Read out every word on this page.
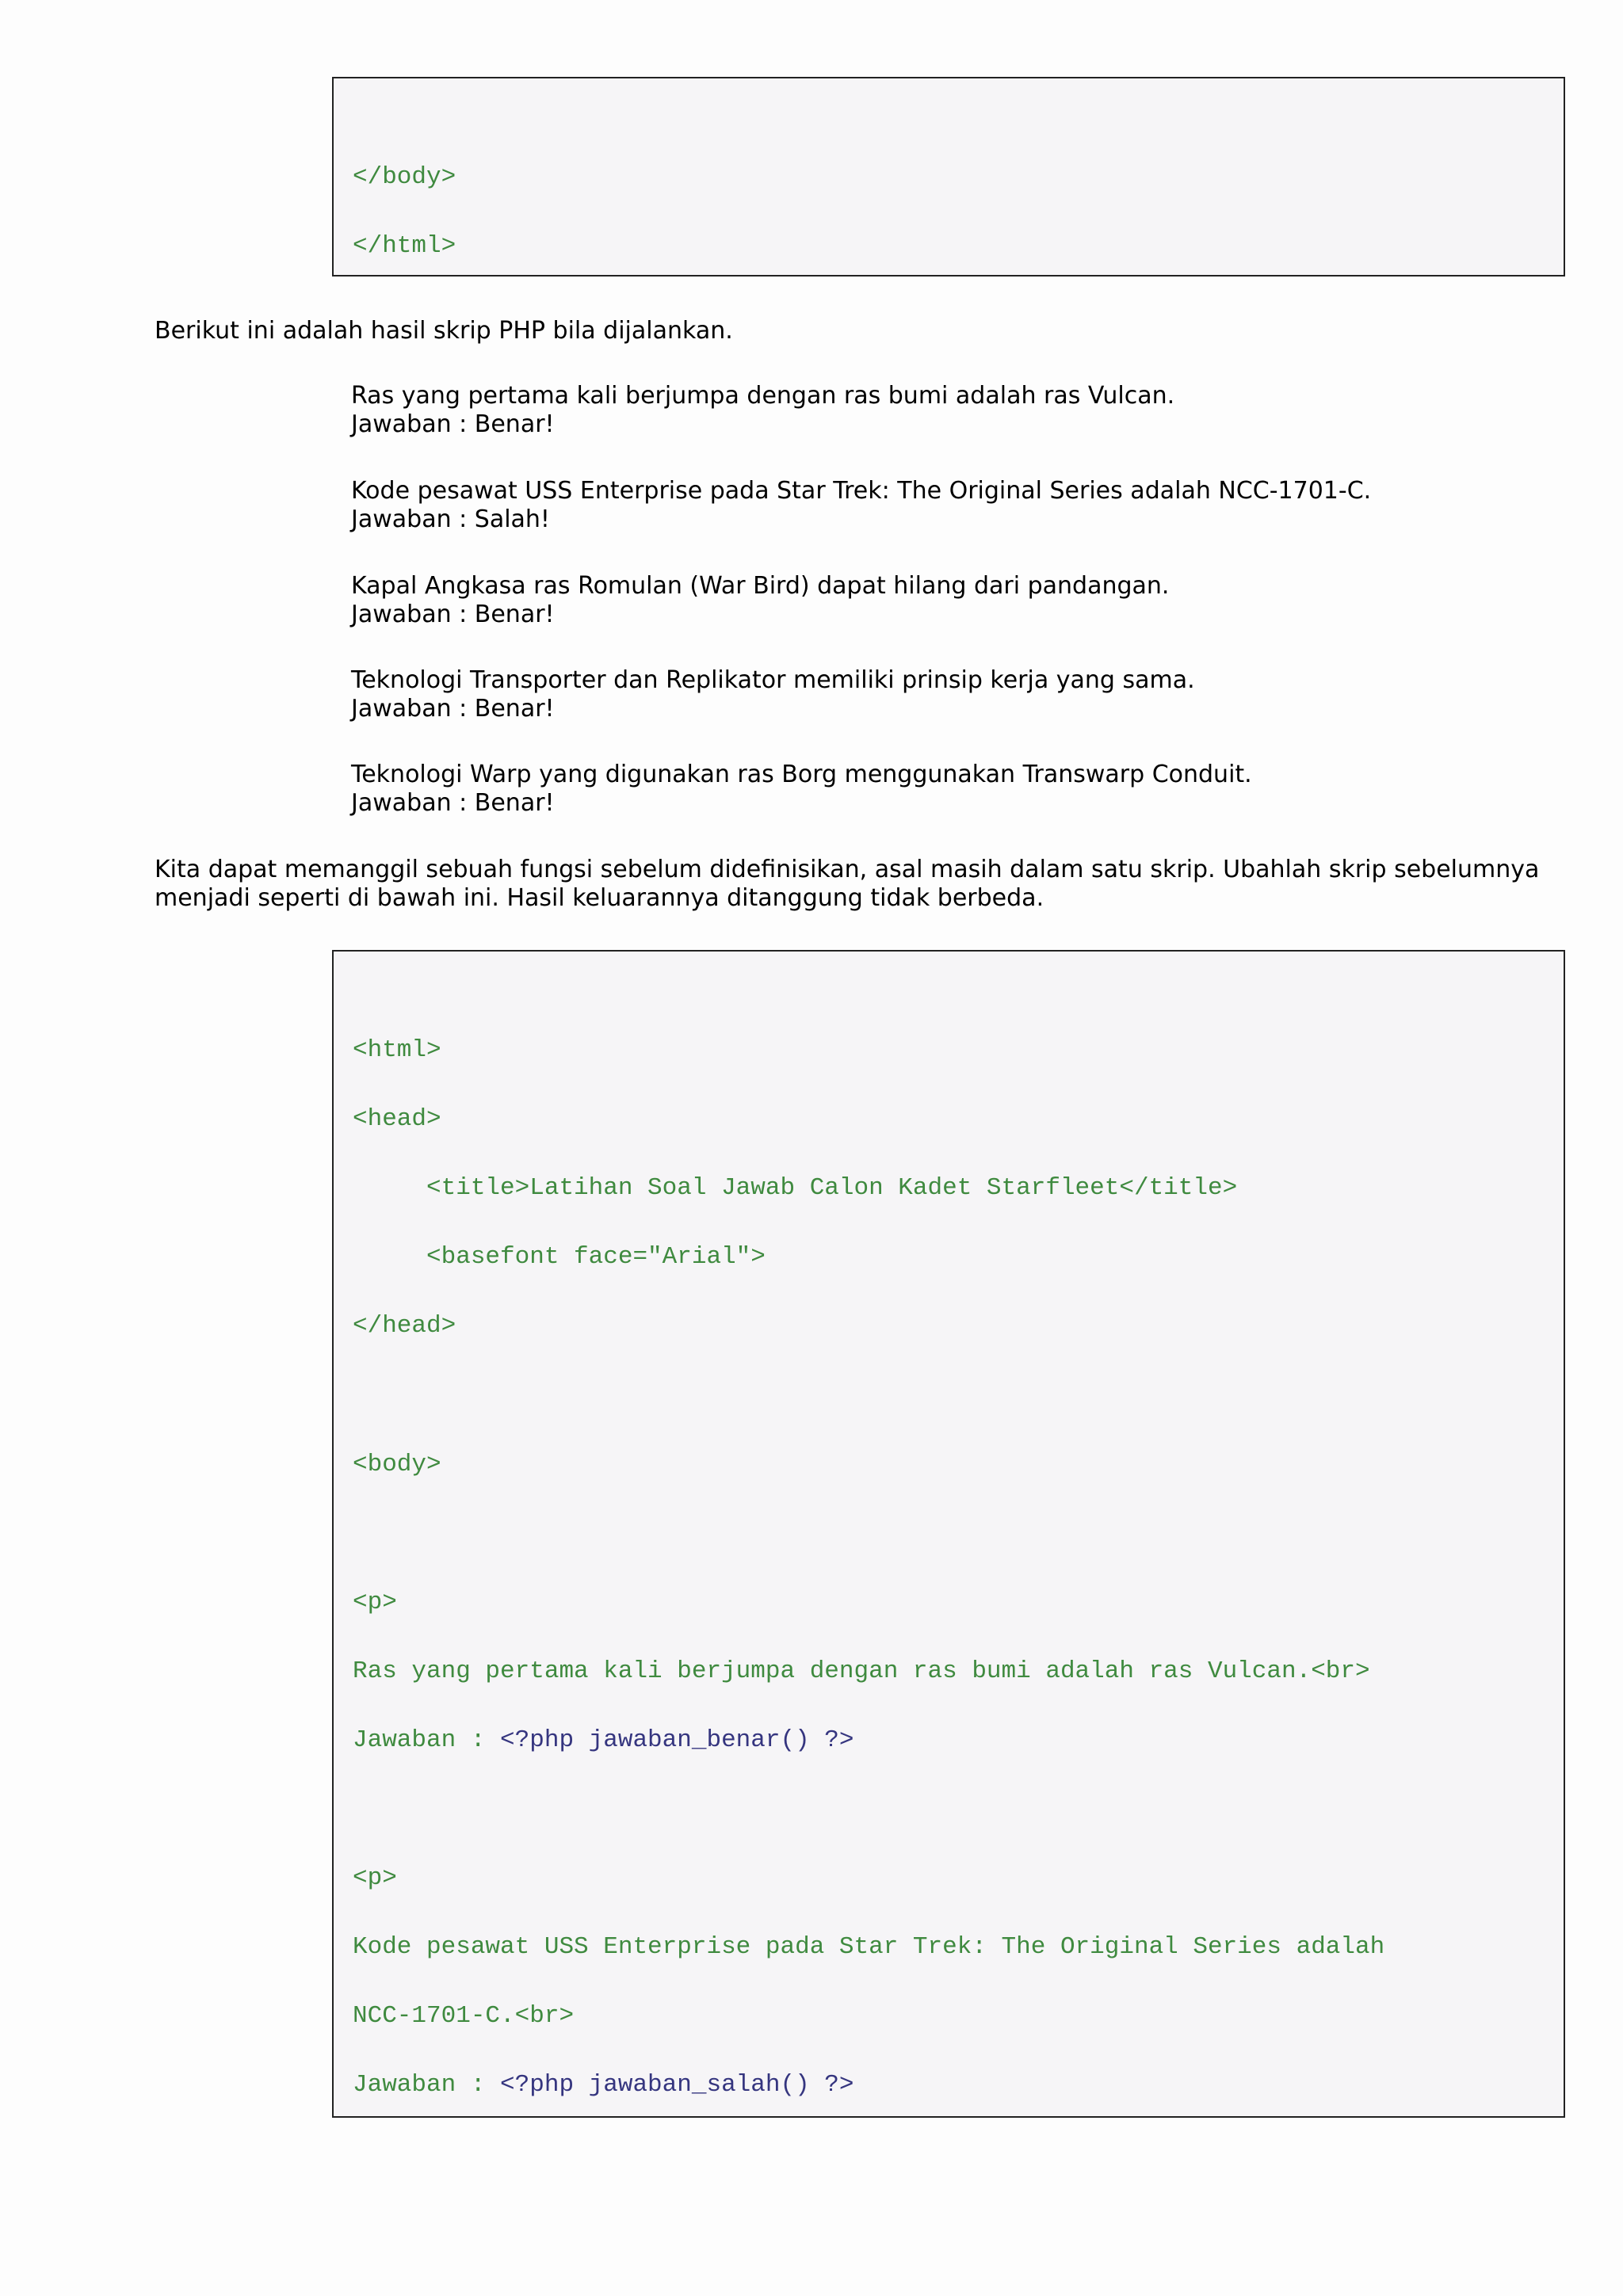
</body>
</html>
Berikut ini adalah hasil skrip PHP bila dijalankan.
Ras yang pertama kali berjumpa dengan ras bumi adalah ras Vulcan.
Jawaban : Benar!
Kode pesawat USS Enterprise pada Star Trek: The Original Series adalah NCC-1701-C.
Jawaban : Salah!
Kapal Angkasa ras Romulan (War Bird) dapat hilang dari pandangan.
Jawaban : Benar!
Teknologi Transporter dan Replikator memiliki prinsip kerja yang sama.
Jawaban : Benar!
Teknologi Warp yang digunakan ras Borg menggunakan Transwarp Conduit.
Jawaban : Benar!
Kita dapat memanggil sebuah fungsi sebelum didefinisikan, asal masih dalam satu skrip. Ubahlah skrip sebelumnya menjadi seperti di bawah ini. Hasil keluarannya ditanggung tidak berbeda.
<html>
<head>
<title>Latihan Soal Jawab Calon Kadet Starfleet</title>
<basefont face="Arial">
</head>
<body>
<p>
Ras yang pertama kali berjumpa dengan ras bumi adalah ras Vulcan.<br>
Jawaban : <?php jawaban_benar() ?>
<p>
Kode pesawat USS Enterprise pada Star Trek: The Original Series adalah
NCC-1701-C.<br>
Jawaban : <?php jawaban_salah() ?>
